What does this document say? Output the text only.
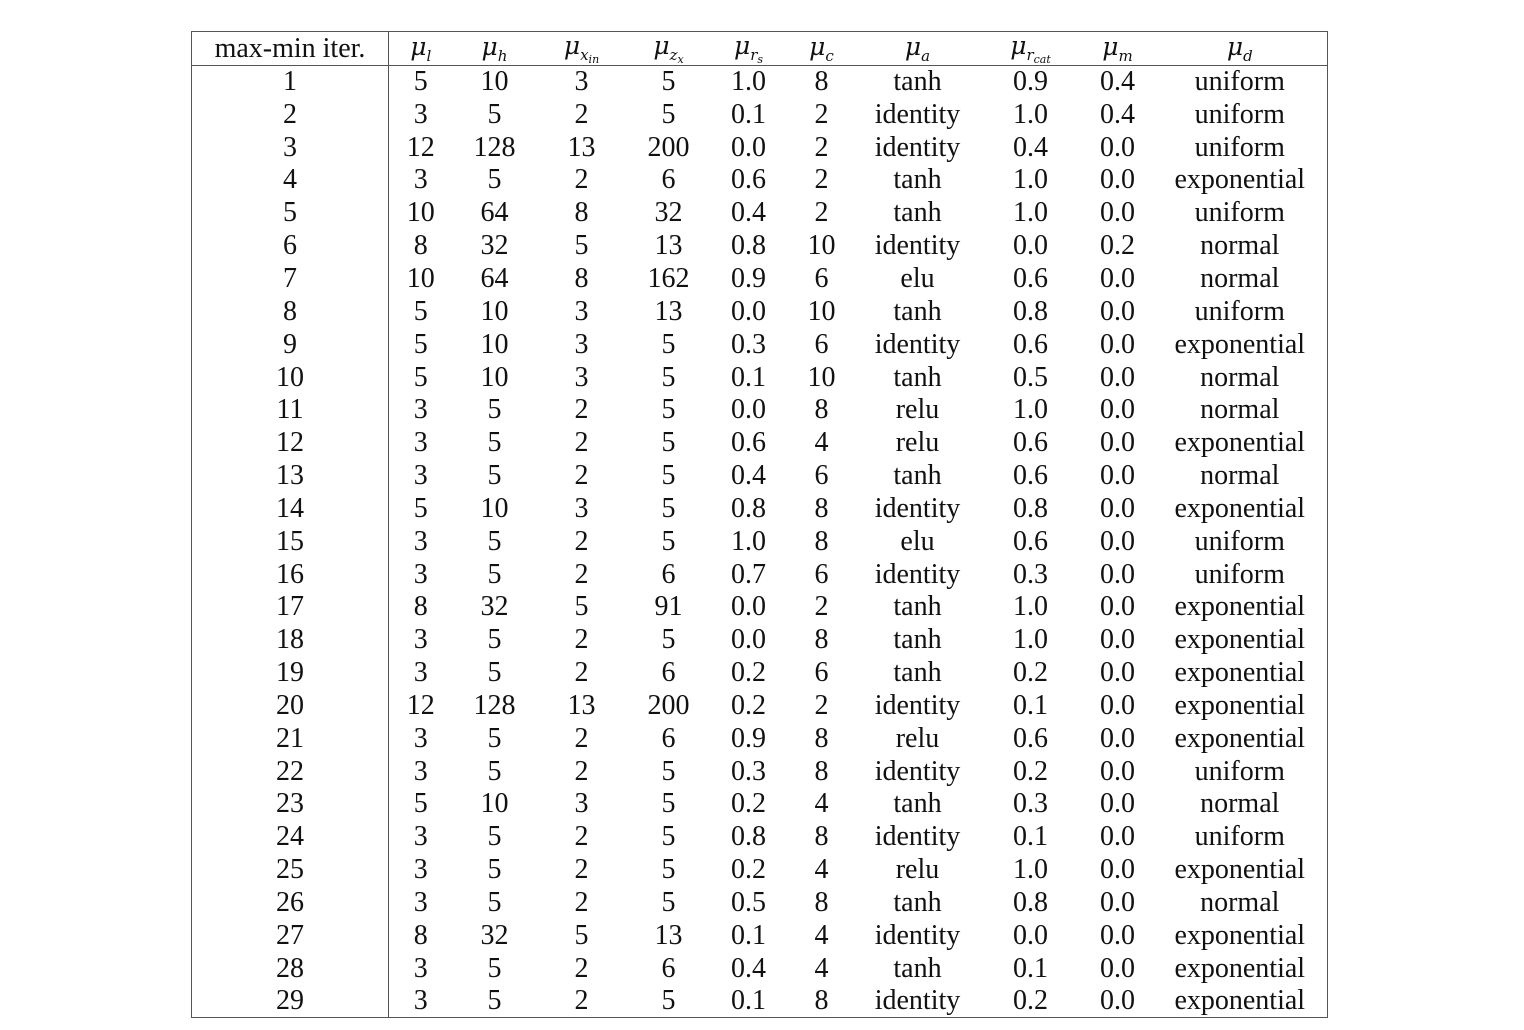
max-min iter.	$\mu_l$	$\mu_h$	$\mu_{x_{in}}$	$\mu_{z_x}$	$\mu_{r_s}$	$\mu_c$	$\mu_a$	$\mu_{r_{cat}}$	$\mu_m$	$\mu_d$
1	5	10	3	5	1.0	8	tanh	0.9	0.4	uniform
2	3	5	2	5	0.1	2	identity	1.0	0.4	uniform
3	12	128	13	200	0.0	2	identity	0.4	0.0	uniform
4	3	5	2	6	0.6	2	tanh	1.0	0.0	exponential
5	10	64	8	32	0.4	2	tanh	1.0	0.0	uniform
6	8	32	5	13	0.8	10	identity	0.0	0.2	normal
7	10	64	8	162	0.9	6	elu	0.6	0.0	normal
8	5	10	3	13	0.0	10	tanh	0.8	0.0	uniform
9	5	10	3	5	0.3	6	identity	0.6	0.0	exponential
10	5	10	3	5	0.1	10	tanh	0.5	0.0	normal
11	3	5	2	5	0.0	8	relu	1.0	0.0	normal
12	3	5	2	5	0.6	4	relu	0.6	0.0	exponential
13	3	5	2	5	0.4	6	tanh	0.6	0.0	normal
14	5	10	3	5	0.8	8	identity	0.8	0.0	exponential
15	3	5	2	5	1.0	8	elu	0.6	0.0	uniform
16	3	5	2	6	0.7	6	identity	0.3	0.0	uniform
17	8	32	5	91	0.0	2	tanh	1.0	0.0	exponential
18	3	5	2	5	0.0	8	tanh	1.0	0.0	exponential
19	3	5	2	6	0.2	6	tanh	0.2	0.0	exponential
20	12	128	13	200	0.2	2	identity	0.1	0.0	exponential
21	3	5	2	6	0.9	8	relu	0.6	0.0	exponential
22	3	5	2	5	0.3	8	identity	0.2	0.0	uniform
23	5	10	3	5	0.2	4	tanh	0.3	0.0	normal
24	3	5	2	5	0.8	8	identity	0.1	0.0	uniform
25	3	5	2	5	0.2	4	relu	1.0	0.0	exponential
26	3	5	2	5	0.5	8	tanh	0.8	0.0	normal
27	8	32	5	13	0.1	4	identity	0.0	0.0	exponential
28	3	5	2	6	0.4	4	tanh	0.1	0.0	exponential
29	3	5	2	5	0.1	8	identity	0.2	0.0	exponential
